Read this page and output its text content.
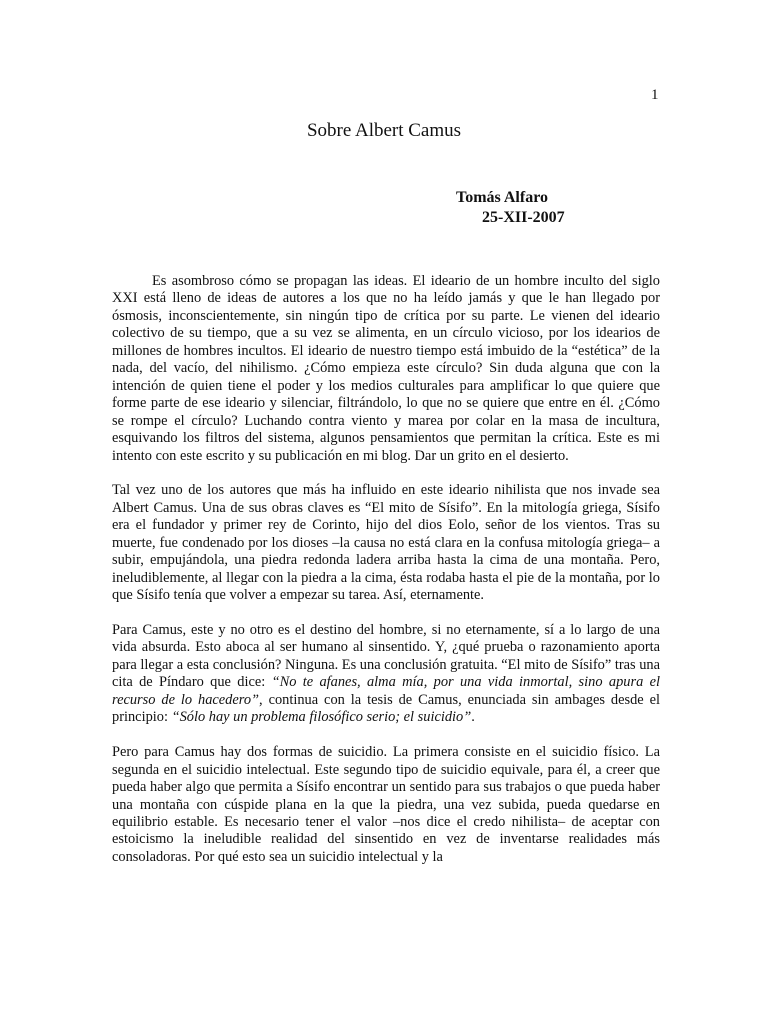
1
Sobre Albert Camus
Tomás Alfaro
25-XII-2007

Es asombroso cómo se propagan las ideas. El ideario de un hombre inculto del siglo XXI está lleno de ideas de autores a los que no ha leído jamás y que le han llegado por ósmosis, inconscientemente, sin ningún tipo de crítica por su parte. Le vienen del ideario colectivo de su tiempo, que a su vez se alimenta, en un círculo vicioso, por los idearios de millones de hombres incultos. El ideario de nuestro tiempo está imbuido de la “estética” de la nada, del vacío, del nihilismo. ¿Cómo empieza este círculo? Sin duda alguna que con la intención de quien tiene el poder y los medios culturales para amplificar lo que quiere que forme parte de ese ideario y silenciar, filtrándolo, lo que no se quiere que entre en él. ¿Cómo se rompe el círculo? Luchando contra viento y marea por colar en la masa de incultura, esquivando los filtros del sistema, algunos pensamientos que permitan la crítica. Este es mi intento con este escrito y su publicación en mi blog. Dar un grito en el desierto.

Tal vez uno de los autores que más ha influido en este ideario nihilista que nos invade sea Albert Camus. Una de sus obras claves es “El mito de Sísifo”. En la mitología griega, Sísifo era el fundador y primer rey de Corinto, hijo del dios Eolo, señor de los vientos. Tras su muerte, fue condenado por los dioses –la causa no está clara en la confusa mitología griega– a subir, empujándola, una piedra redonda ladera arriba hasta la cima de una montaña. Pero, ineludiblemente, al llegar con la piedra a la cima, ésta rodaba hasta el pie de la montaña, por lo que Sísifo tenía que volver a empezar su tarea. Así, eternamente.

Para Camus, este y no otro es el destino del hombre, si no eternamente, sí a lo largo de una vida absurda. Esto aboca al ser humano al sinsentido. Y, ¿qué prueba o razonamiento aporta para llegar a esta conclusión? Ninguna. Es una conclusión gratuita. “El mito de Sísifo” tras una cita de Píndaro que dice: “No te afanes, alma mía, por una vida inmortal, sino apura el recurso de lo hacedero”, continua con la tesis de Camus, enunciada sin ambages desde el principio: “Sólo hay un problema filosófico serio; el suicidio”.

Pero para Camus hay dos formas de suicidio. La primera consiste en el suicidio físico. La segunda en el suicidio intelectual. Este segundo tipo de suicidio equivale, para él, a creer que pueda haber algo que permita a Sísifo encontrar un sentido para sus trabajos o que pueda haber una montaña con cúspide plana en la que la piedra, una vez subida, pueda quedarse en equilibrio estable. Es necesario tener el valor –nos dice el credo nihilista– de aceptar con estoicismo la ineludible realidad del sinsentido en vez de inventarse realidades más consoladoras. Por qué esto sea un suicidio intelectual y la
